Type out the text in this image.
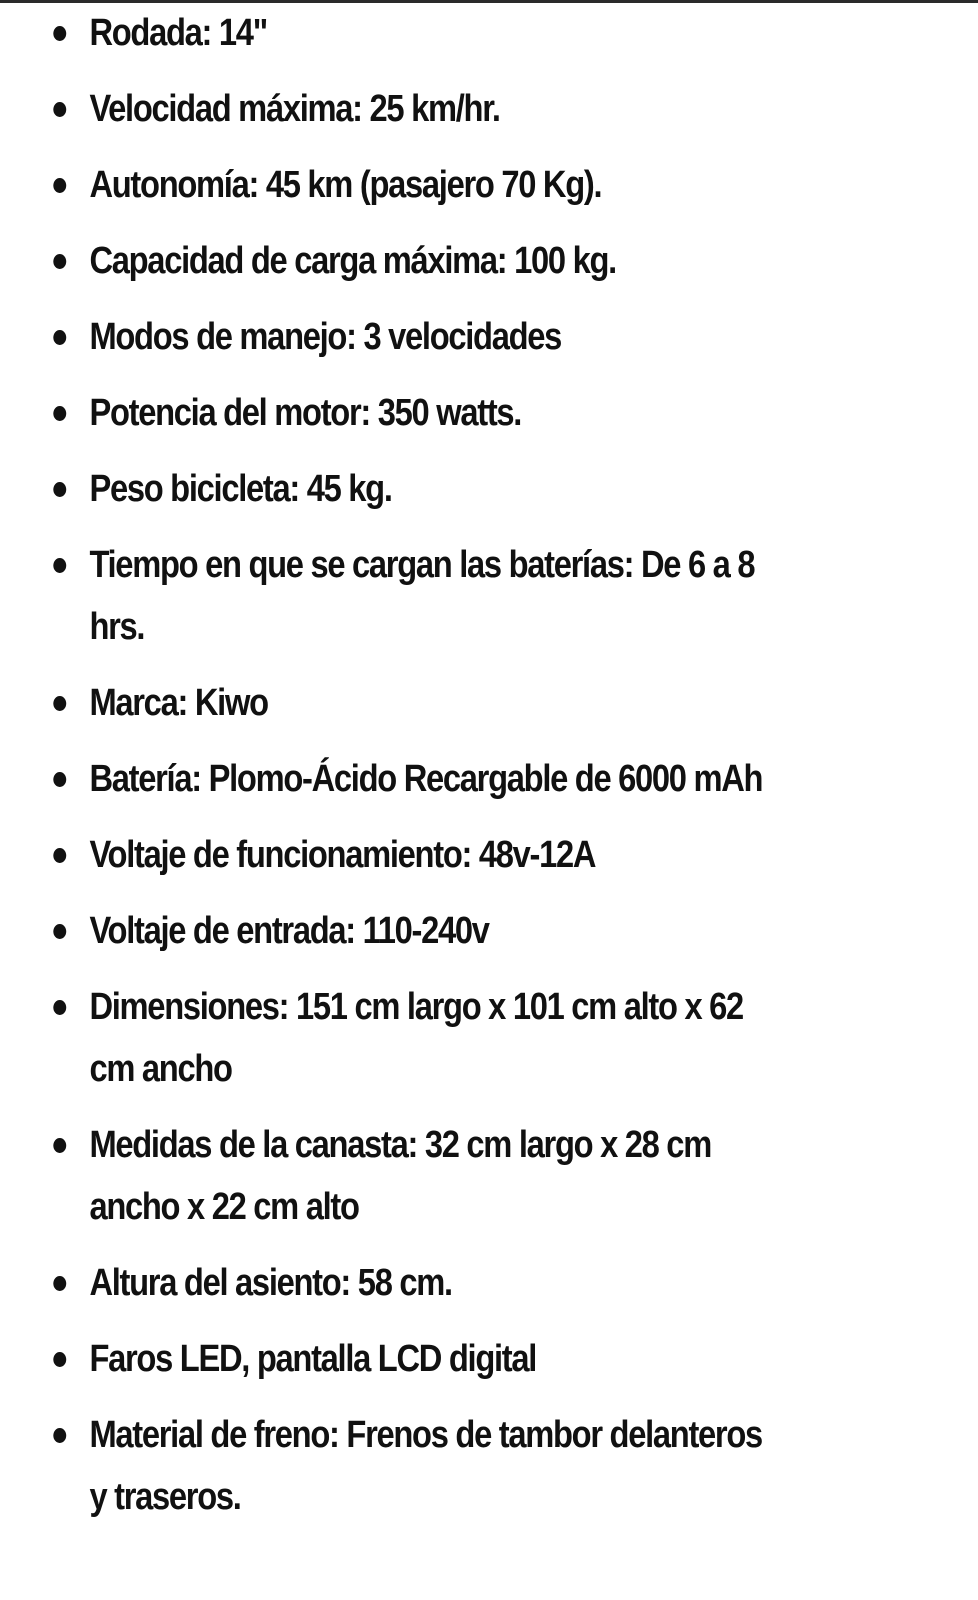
Rodada: 14"
Velocidad máxima: 25 km/hr.
Autonomía: 45 km (pasajero 70 Kg).
Capacidad de carga máxima: 100 kg.
Modos de manejo: 3 velocidades
Potencia del motor: 350 watts.
Peso bicicleta: 45 kg.
Tiempo en que se cargan las baterías: De 6 a 8 hrs.
Marca: Kiwo
Batería: Plomo-Ácido Recargable de 6000 mAh
Voltaje de funcionamiento: 48v-12A
Voltaje de entrada: 110-240v
Dimensiones: 151 cm largo x 101 cm alto x 62 cm ancho
Medidas de la canasta: 32 cm largo x 28 cm ancho x 22 cm alto
Altura del asiento: 58 cm.
Faros LED, pantalla LCD digital
Material de freno: Frenos de tambor delanteros y traseros.
